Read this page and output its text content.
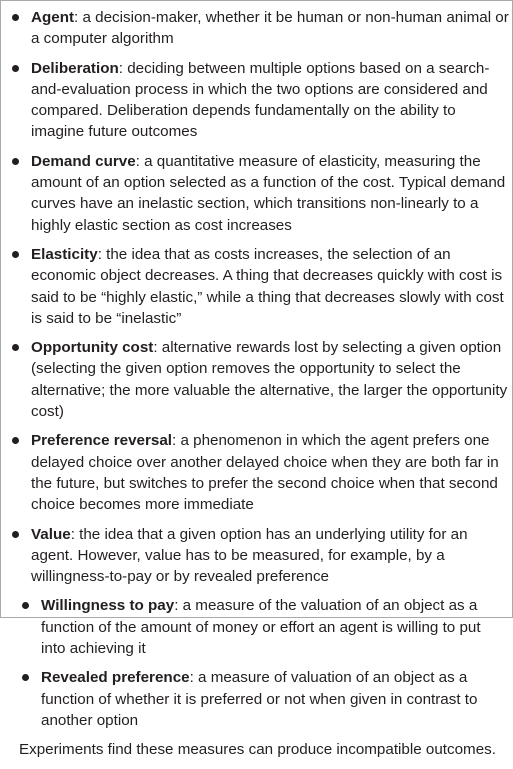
Agent: a decision-maker, whether it be human or non-human animal or a computer algorithm
Deliberation: deciding between multiple options based on a search-and-evaluation process in which the two options are considered and compared. Deliberation depends fundamentally on the ability to imagine future outcomes
Demand curve: a quantitative measure of elasticity, measuring the amount of an option selected as a function of the cost. Typical demand curves have an inelastic section, which transitions non-linearly to a highly elastic section as cost increases
Elasticity: the idea that as costs increases, the selection of an economic object decreases. A thing that decreases quickly with cost is said to be “highly elastic,” while a thing that decreases slowly with cost is said to be “inelastic”
Opportunity cost: alternative rewards lost by selecting a given option (selecting the given option removes the opportunity to select the alternative; the more valuable the alternative, the larger the opportunity cost)
Preference reversal: a phenomenon in which the agent prefers one delayed choice over another delayed choice when they are both far in the future, but switches to prefer the second choice when that second choice becomes more immediate
Value: the idea that a given option has an underlying utility for an agent. However, value has to be measured, for example, by a willingness-to-pay or by revealed preference
Willingness to pay: a measure of the valuation of an object as a function of the amount of money or effort an agent is willing to put into achieving it
Revealed preference: a measure of valuation of an object as a function of whether it is preferred or not when given in contrast to another option
Experiments find these measures can produce incompatible outcomes.
